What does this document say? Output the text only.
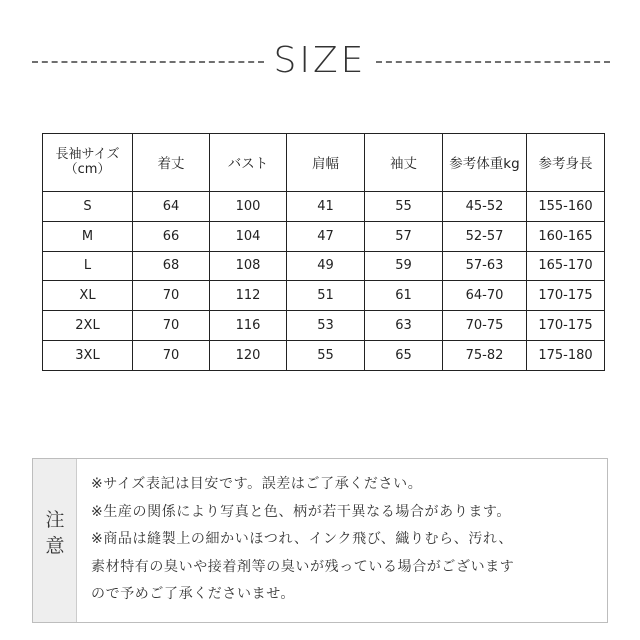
SIZE
長袖サイズ
（cm）	着丈	バスト	肩幅	袖丈	参考体重kg	参考身長
S	64	100	41	55	45-52	155-160
M	66	104	47	57	52-57	160-165
L	68	108	49	59	57-63	165-170
XL	70	112	51	61	64-70	170-175
2XL	70	116	53	63	70-75	170-175
3XL	70	120	55	65	75-82	175-180
注
意
※サイズ表記は目安です。誤差はご了承ください。
※生産の関係により写真と色、柄が若干異なる場合があります。
※商品は縫製上の細かいほつれ、インク飛び、織りむら、汚れ、
素材特有の臭いや接着剤等の臭いが残っている場合がございます
ので予めご了承くださいませ。
